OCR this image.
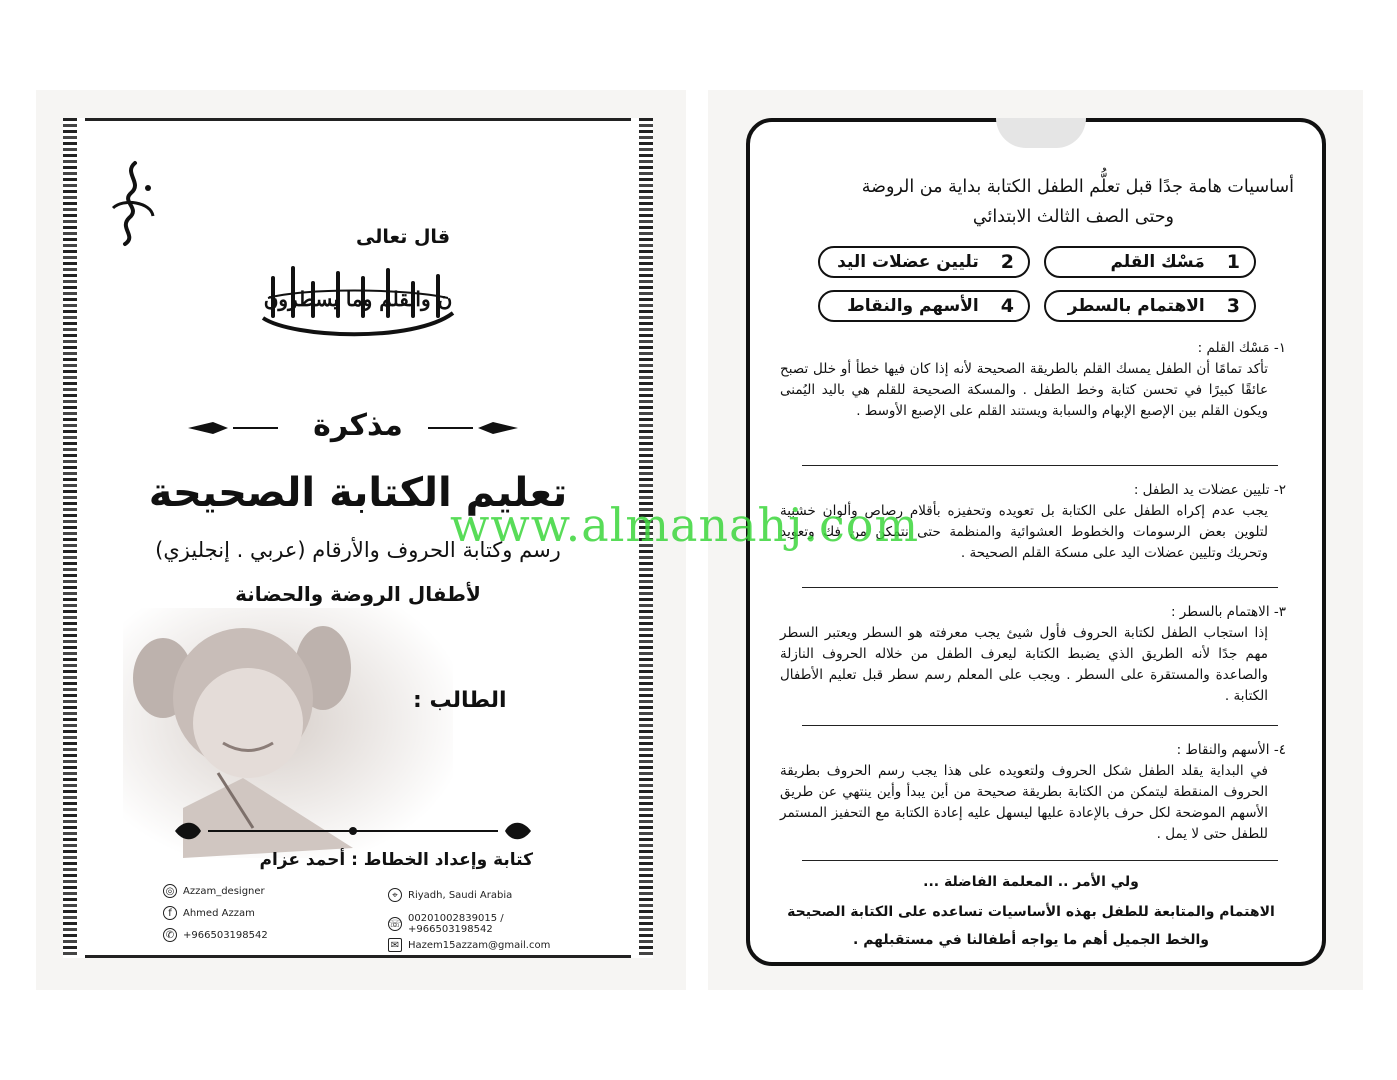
قال تعالى
ن والقلم وما يسطرون
مذكرة
تعليم الكتابة الصحيحة
رسم وكتابة الحروف والأرقام (عربي . إنجليزي)
لأطفال الروضة والحضانة
الطالب :
كتابة وإعداد الخطاط : أحمد عزام
◎ Azzam_designer
f	Ahmed Azzam
✆ +966503198542
⌖	Riyadh, Saudi Arabia
☏ 00201002839015 / +966503198542
✉ Hazem15azzam@gmail.com
أساسيات هامة جدًا قبل تعلُّم الطفل الكتابة بداية من الروضة
وحتى الصف الثالث الابتدائي
1
مَسْك القلم
2
تليين عضلات اليد
3
الاهتمام بالسطر
4
الأسهم والنقاط
١- مَسْك القلم :
تأكد تمامًا أن الطفل يمسك القلم بالطريقة الصحيحة لأنه إذا كان فيها خطأ أو خلل تصبح عائقًا كبيرًا في تحسن كتابة وخط الطفل . والمسكة الصحيحة للقلم هي باليد اليُمنى ويكون القلم بين الإصبع الإبهام والسبابة ويستند القلم على الإصبع الأوسط .
٢- تليين عضلات يد الطفل :
يجب عدم إكراه الطفل على الكتابة بل تعويده وتحفيزه بأقلام رصاص وألوان خشبية لتلوين بعض الرسومات والخطوط العشوائية والمنظمة حتى نتمكن من فك وتعويد وتحريك وتليين عضلات اليد على مسكة القلم الصحيحة .
٣- الاهتمام بالسطر :
إذا استجاب الطفل لكتابة الحروف فأول شيئ يجب معرفته هو السطر ويعتبر السطر مهم جدًا لأنه الطريق الذي يضبط الكتابة ليعرف الطفل من خلاله الحروف النازلة والصاعدة والمستقرة على السطر . ويجب على المعلم رسم سطر قبل تعليم الأطفال الكتابة .
٤- الأسهم والنقاط :
في البداية يقلد الطفل شكل الحروف ولتعويده على هذا يجب رسم الحروف بطريقة الحروف المنقطة ليتمكن من الكتابة بطريقة صحيحة من أين يبدأ وأين ينتهي عن طريق الأسهم الموضحة لكل حرف بالإعادة عليها ليسهل عليه إعادة الكتابة مع التحفيز المستمر للطفل حتى لا يمل .
ولي الأمر .. المعلمة الفاضلة ...
الاهتمام والمتابعة للطفل بهذه الأساسيات تساعده على الكتابة الصحيحة
والخط الجميل أهم ما يواجه أطفالنا في مستقبلهم .
www.almanahj.com
